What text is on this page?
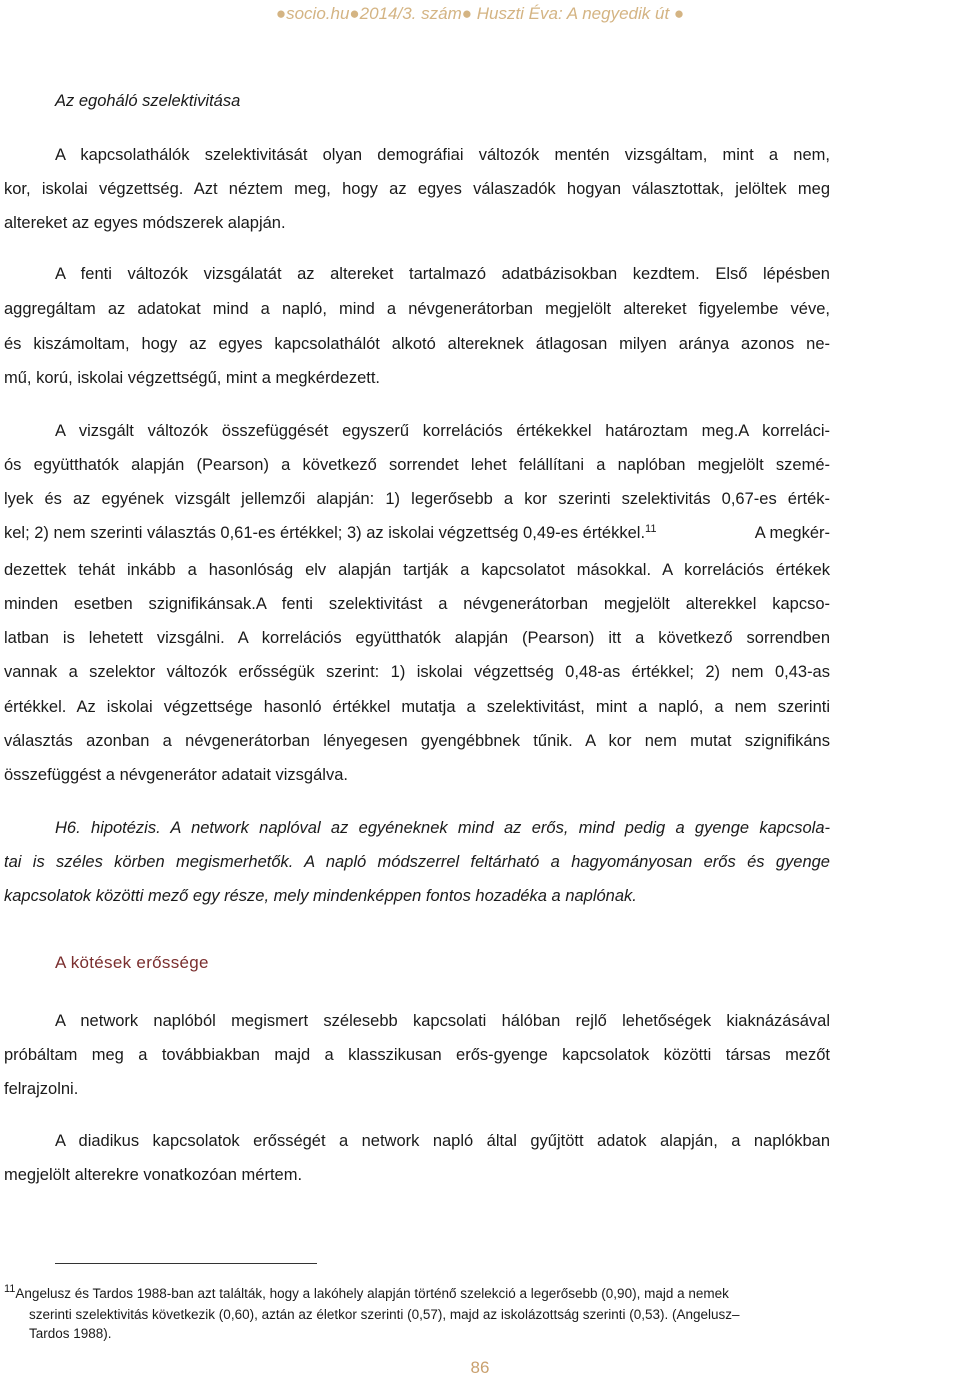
●socio.hu●2014/3. szám● Huszti Éva: A negyedik út ●
Az egoháló szelektivitása
A kapcsolathálók szelektivitását olyan demográfiai változók mentén vizsgáltam, mint a nem,
kor, iskolai végzettség. Azt néztem meg, hogy az egyes válaszadók hogyan választottak, jelöltek meg
altereket az egyes módszerek alapján.
A fenti változók vizsgálatát az altereket tartalmazó adatbázisokban kezdtem. Első lépésben
aggregáltam az adatokat mind a napló, mind a névgenerátorban megjelölt altereket figyelembe véve,
és kiszámoltam, hogy az egyes kapcsolathálót alkotó altereknek átlagosan milyen aránya azonos ne-
mű, korú, iskolai végzettségű, mint a megkérdezett.
A vizsgált változók összefüggését egyszerű korrelációs értékekkel határoztam meg.A korreláci-
ós együtthatók alapján (Pearson) a következő sorrendet lehet felállítani a naplóban megjelölt szemé-
lyek és az egyének vizsgált jellemzői alapján: 1) legerősebb a kor szerinti szelektivitás 0,67-es érték-
kel; 2) nem szerinti választás 0,61-es értékkel; 3) az iskolai végzettség 0,49-es értékkel.$^{11}$	A megkér-
dezettek tehát inkább a hasonlóság elv alapján tartják a kapcsolatot másokkal. A korrelációs értékek
minden esetben szignifikánsak.A fenti szelektivitást a névgenerátorban megjelölt alterekkel kapcso-
latban is lehetett vizsgálni. A korrelációs együtthatók alapján (Pearson) itt a következő sorrendben
vannak a szelektor változók erősségük szerint: 1) iskolai végzettség 0,48-as értékkel; 2) nem 0,43-as
értékkel. Az iskolai végzettsége hasonló értékkel mutatja a szelektivitást, mint a napló, a nem szerinti
választás azonban a névgenerátorban lényegesen gyengébbnek tűnik. A kor nem mutat szignifikáns
összefüggést a névgenerátor adatait vizsgálva.
H6. hipotézis. A network naplóval az egyéneknek mind az erős, mind pedig a gyenge kapcsola-
tai is széles körben megismerhetők. A napló módszerrel feltárható a hagyományosan erős és gyenge
kapcsolatok közötti mező egy része, mely mindenképpen fontos hozadéka a naplónak.
A kötések erőssége
A network naplóból megismert szélesebb kapcsolati hálóban rejlő lehetőségek kiaknázásával
próbáltam meg a továbbiakban majd a klasszikusan erős-gyenge kapcsolatok közötti társas mezőt
felrajzolni.
A diadikus kapcsolatok erősségét a network napló által gyűjtött adatok alapján, a naplókban
megjelölt alterekre vonatkozóan mértem.
$^{11}$Angelusz és Tardos 1988-ban azt találták, hogy a lakóhely alapján történő szelekció a legerősebb (0,90), majd a nemek
szerinti szelektivitás következik (0,60), aztán az életkor szerinti (0,57), majd az iskolázottság szerinti (0,53). (Angelusz–
Tardos 1988).
86
